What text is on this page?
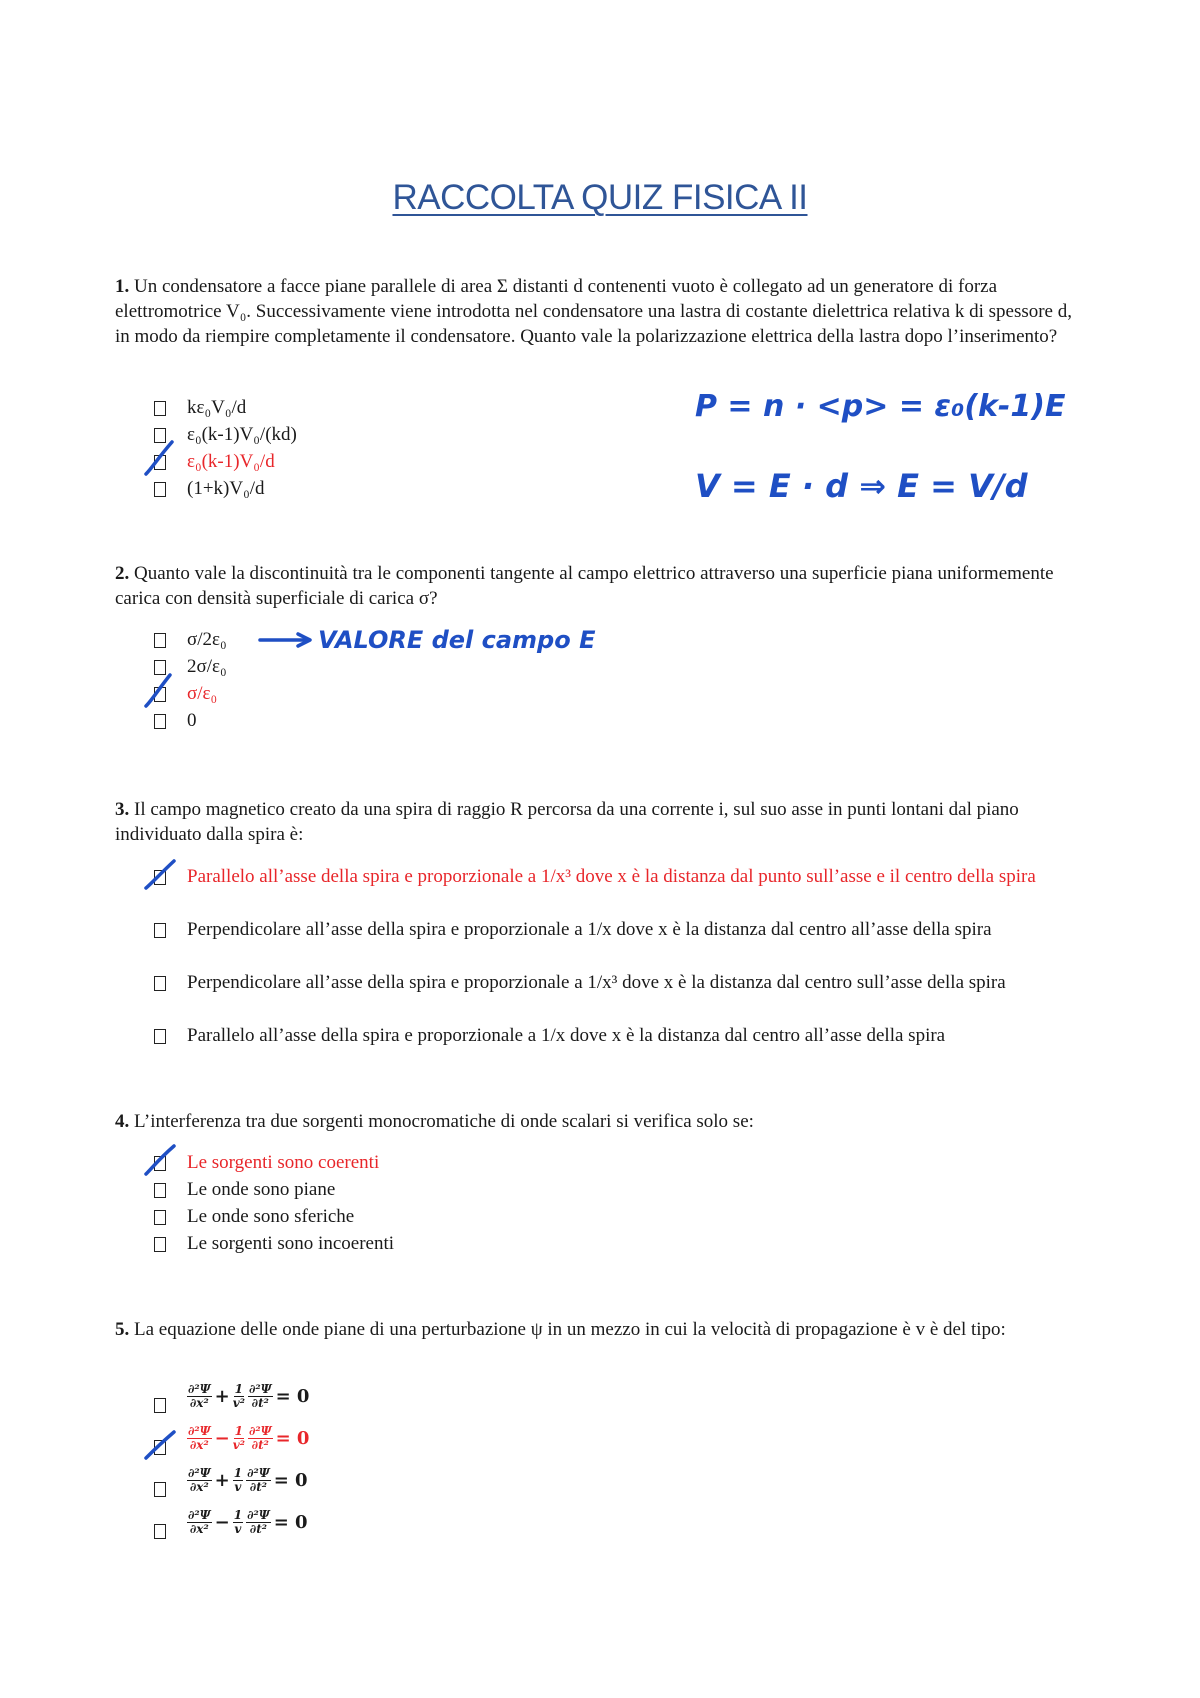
RACCOLTA QUIZ FISICA II
1. Un condensatore a facce piane parallele di area Σ distanti d contenenti vuoto è collegato ad un generatore di forza elettromotrice V₀. Successivamente viene introdotta nel condensatore una lastra di costante dielettrica relativa k di spessore d, in modo da riempire completamente il condensatore. Quanto vale la polarizzazione elettrica della lastra dopo l’inserimento?
kε₀V₀/d
ε₀(k-1)V₀/(kd)
ε₀(k-1)V₀/d
(1+k)V₀/d
2. Quanto vale la discontinuità tra le componenti tangente al campo elettrico attraverso una superficie piana uniformemente carica con densità superficiale di carica σ?
σ/2ε₀
2σ/ε₀
σ/ε₀
0
3. Il campo magnetico creato da una spira di raggio R percorsa da una corrente i, sul suo asse in punti lontani dal piano individuato dalla spira è:
Parallelo all’asse della spira e proporzionale a 1/x³ dove x è la distanza dal punto sull’asse e il centro della spira
Perpendicolare all’asse della spira e proporzionale a 1/x dove x è la distanza dal centro all’asse della spira
Perpendicolare all’asse della spira e proporzionale a 1/x³ dove x è la distanza dal centro sull’asse della spira
Parallelo all’asse della spira e proporzionale a 1/x dove x è la distanza dal centro all’asse della spira
4. L’interferenza tra due sorgenti monocromatiche di onde scalari si verifica solo se:
Le sorgenti sono coerenti
Le onde sono piane
Le onde sono sferiche
Le sorgenti sono incoerenti
5. La equazione delle onde piane di una perturbazione ψ in un mezzo in cui la velocità di propagazione è v è del tipo:
$\frac{\text{∂²Ψ}}{\text{∂x²}} + \frac{1}{\text{v²}} \frac{\text{∂²Ψ}}{\text{∂t²}} = 0$
$\frac{\text{∂²Ψ}}{\text{∂x²}} - \frac{1}{\text{v²}} \frac{\text{∂²Ψ}}{\text{∂t²}} = 0$
$\frac{\text{∂²Ψ}}{\text{∂x²}} + \frac{1}{v} \frac{\text{∂²Ψ}}{\text{∂t²}} = 0$
$\frac{\text{∂²Ψ}}{\text{∂x²}} - \frac{1}{v} \frac{\text{∂²Ψ}}{\text{∂t²}} = 0$
P = n · <p> = ε₀(k-1)E
V = E · d ⇒ E = V/d
VALORE del campo E
